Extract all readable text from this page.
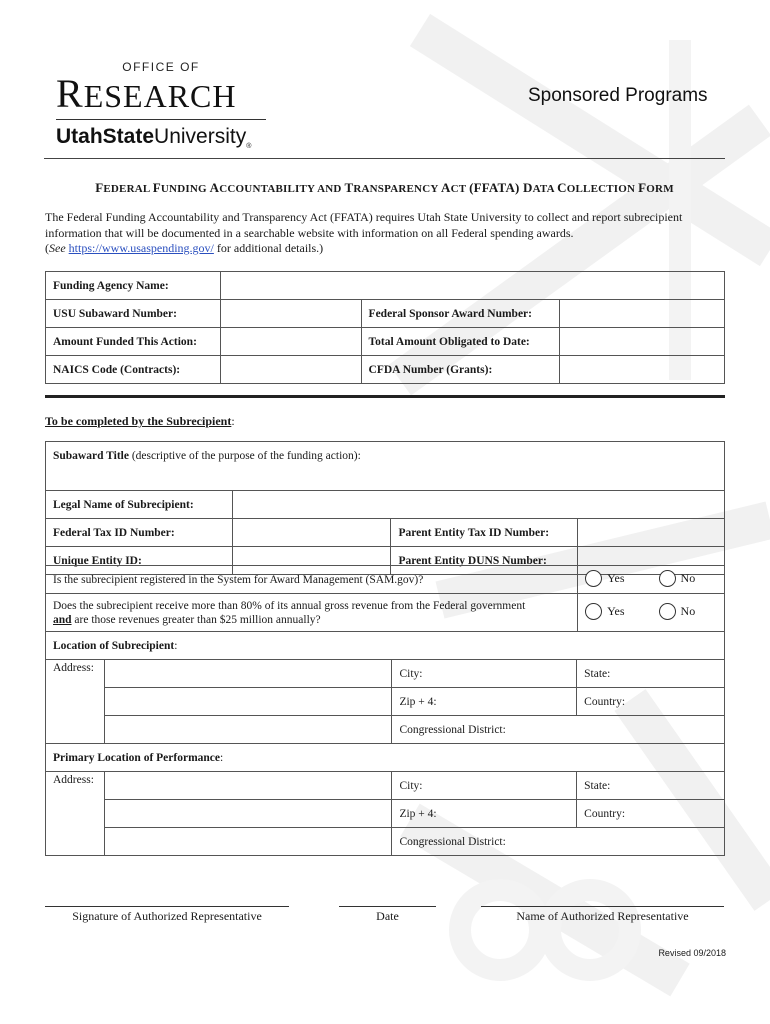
OFFICE OF
RESEARCH
UtahStateUniversity$_®$
Sponsored Programs
FEDERAL FUNDING ACCOUNTABILITY AND TRANSPARENCY ACT (FFATA) DATA COLLECTION FORM
The Federal Funding Accountability and Transparency Act (FFATA) requires Utah State University to collect and report subrecipient
information that will be documented in a searchable website with information on all Federal spending awards.
(See https://www.usaspending.gov/ for additional details.)
Funding Agency Name:			
USU Subaward Number:		Federal Sponsor Award Number:	
Amount Funded This Action:		Total Amount Obligated to Date:	
NAICS Code (Contracts):		CFDA Number (Grants):	
To be completed by the Subrecipient:
Subaward Title (descriptive of the purpose of the funding action):			
Legal Name of Subrecipient:			
Federal Tax ID Number:		Parent Entity Tax ID Number:	
Unique Entity ID:		Parent Entity DUNS Number:	
Is the subrecipient registered in the System for Award Management (SAM.gov)?	Yes	No

Does the subrecipient receive more than 80% of its annual gross revenue from the Federal government
and are those revenues greater than $25 million annually?	Yes	No
Location of Subrecipient:			
Address:		City:	State:
		Zip + 4:	Country:
		Congressional District:	
Primary Location of Performance:			
Address:		City:	State:
		Zip + 4:	Country:
		Congressional District:	
Signature of Authorized Representative	Date	Name of Authorized Representative
Revised 09/2018
